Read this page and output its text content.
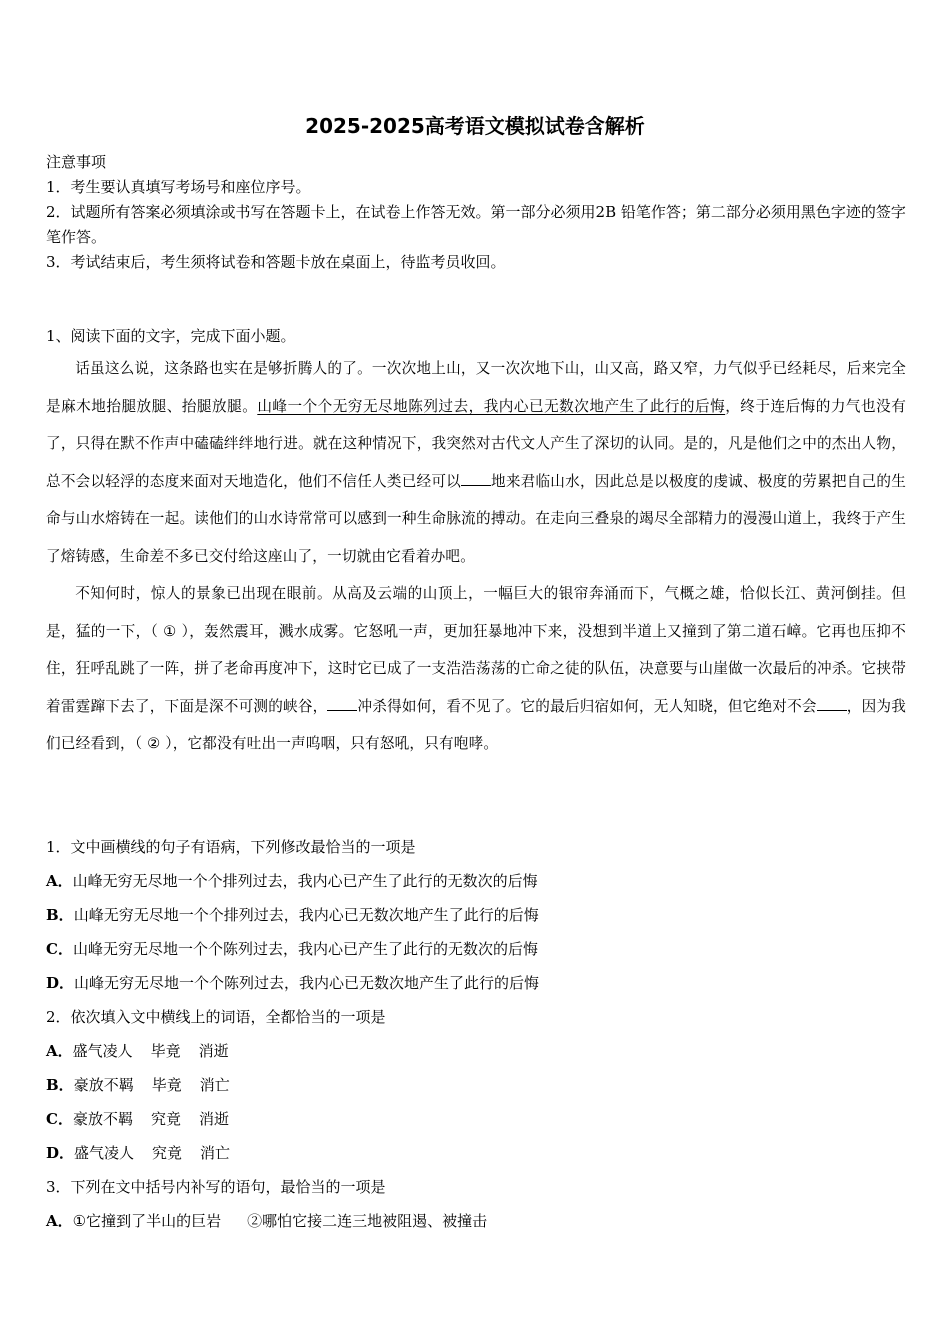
2025-2025高考语文模拟试卷含解析

注意事项

1．考生要认真填写考场号和座位序号。

2．试题所有答案必须填涂或书写在答题卡上，在试卷上作答无效。第一部分必须用2B 铅笔作答；第二部分必须用黑色字迹的签字笔作答。

3．考试结束后，考生须将试卷和答题卡放在桌面上，待监考员收回。

1、阅读下面的文字，完成下面小题。

话虽这么说，这条路也实在是够折腾人的了。一次次地上山，又一次次地下山，山又高，路又窄，力气似乎已经耗尽，后来完全是麻木地抬腿放腿、抬腿放腿。山峰一个个无穷无尽地陈列过去，我内心已无数次地产生了此行的后悔，终于连后悔的力气也没有了，只得在默不作声中磕磕绊绊地行进。就在这种情况下，我突然对古代文人产生了深切的认同。是的，凡是他们之中的杰出人物，总不会以轻浮的态度来面对天地造化，他们不信任人类已经可以 地来君临山水，因此总是以极度的虔诚、极度的劳累把自己的生命与山水熔铸在一起。读他们的山水诗常常可以感到一种生命脉流的搏动。在走向三叠泉的竭尽全部精力的漫漫山道上，我终于产生了熔铸感，生命差不多已交付给这座山了，一切就由它看着办吧。

不知何时，惊人的景象已出现在眼前。从高及云端的山顶上，一幅巨大的银帘奔涌而下，气概之雄，恰似长江、黄河倒挂。但是，猛的一下，（ ① ），轰然震耳，溅水成雾。它怒吼一声，更加狂暴地冲下来，没想到半道上又撞到了第二道石嶂。它再也压抑不住，狂呼乱跳了一阵，拼了老命再度冲下，这时它已成了一支浩浩荡荡的亡命之徒的队伍，决意要与山崖做一次最后的冲杀。它挟带着雷霆蹿下去了，下面是深不可测的峡谷， 冲杀得如何，看不见了。它的最后归宿如何，无人知晓，但它绝对不会 ，因为我们已经看到，（ ② ），它都没有吐出一声呜咽，只有怒吼，只有咆哮。

1．文中画横线的句子有语病，下列修改最恰当的一项是
A．山峰无穷无尽地一个个排列过去，我内心已产生了此行的无数次的后悔
B．山峰无穷无尽地一个个排列过去，我内心已无数次地产生了此行的后悔
C．山峰无穷无尽地一个个陈列过去，我内心已产生了此行的无数次的后悔
D．山峰无穷无尽地一个个陈列过去，我内心已无数次地产生了此行的后悔
2．依次填入文中横线上的词语，全都恰当的一项是
A．盛气凌人 毕竟 消逝
B．豪放不羁 毕竟 消亡
C．豪放不羁 究竟 消逝
D．盛气凌人 究竟 消亡
3．下列在文中括号内补写的语句，最恰当的一项是
A．①它撞到了半山的巨岩 ②哪怕它接二连三地被阻遏、被撞击
